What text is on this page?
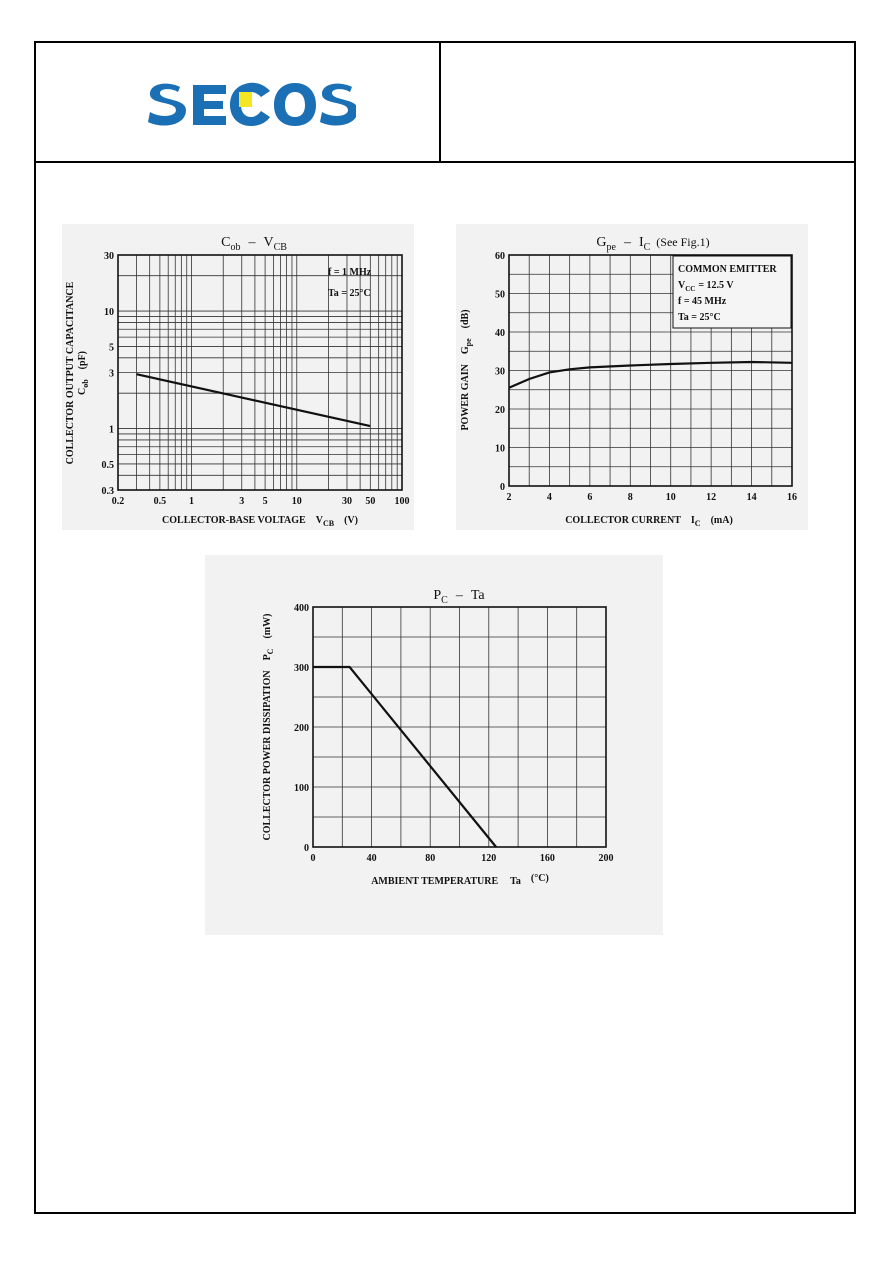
$C_{ob} - V_{CB}$
0.2	0.5 1	3 5 10	30 50 100
0.3
0.5
1
3
5
10
30
f = 1 MHz
Ta = 25°C
COLLECTOR-BASE VOLTAGE $V_{CB}$ (V)
COLLECTOR OUTPUT CAPACITANCE $C_{ob}(pF)$
$G_{pe} - I_C$ (See Fig.1)
2	4	6	8	10	12	14	16
0
10
20
30
40
50
60
COMMON EMITTER
$V_{CC} = 12.5$ V
f = 45 MHz
Ta = 25°C
COLLECTOR CURRENT $I_C$ (mA)
POWER $GAING_{pe}(dB)$
$P_C$ – Ta
0	40	80	120	160	200
0
100
200
300
400
AMBIENT TEMPERATURE Ta (°C)
COLLECTOR POWER $DISSIPATIONP_C(mW)$
